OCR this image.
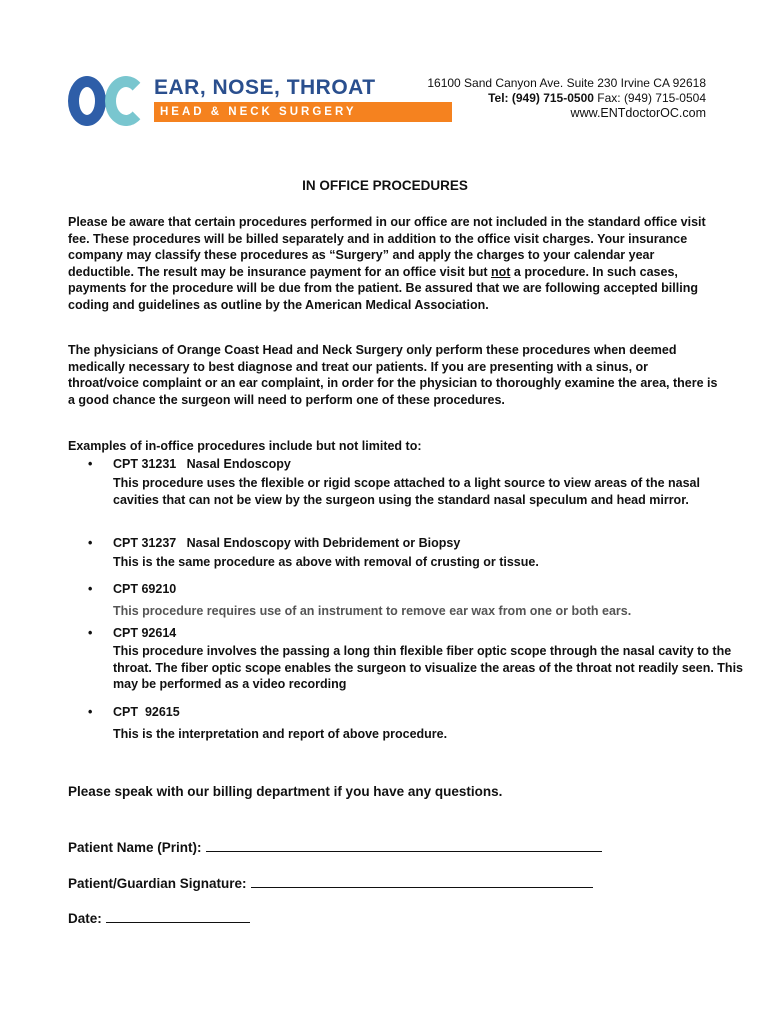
EAR, NOSE, THROAT
HEAD & NECK SURGERY
16100 Sand Canyon Ave. Suite 230 Irvine CA 92618
Tel: (949) 715-0500 Fax: (949) 715-0504
www.ENTdoctorOC.com
IN OFFICE PROCEDURES
Please be aware that certain procedures performed in our office are not included in the standard office visit fee. These procedures will be billed separately and in addition to the office visit charges. Your insurance company may classify these procedures as “Surgery” and apply the charges to your calendar year deductible. The result may be insurance payment for an office visit but not a procedure. In such cases, payments for the procedure will be due from the patient. Be assured that we are following accepted billing coding and guidelines as outline by the American Medical Association.
The physicians of Orange Coast Head and Neck Surgery only perform these procedures when deemed medically necessary to best diagnose and treat our patients. If you are presenting with a sinus, or throat/voice complaint or an ear complaint, in order for the physician to thoroughly examine the area, there is a good chance the surgeon will need to perform one of these procedures.
Examples of in-office procedures include but not limited to:
• CPT 31231   Nasal Endoscopy
This procedure uses the flexible or rigid scope attached to a light source to view areas of the nasal cavities that can not be view by the surgeon using the standard nasal speculum and head mirror.
• CPT 31237   Nasal Endoscopy with Debridement or Biopsy
This is the same procedure as above with removal of crusting or tissue.
• CPT 69210
This procedure requires use of an instrument to remove ear wax from one or both ears.
• CPT 92614
This procedure involves the passing a long thin flexible fiber optic scope through the nasal cavity to the throat. The fiber optic scope enables the surgeon to visualize the areas of the throat not readily seen. This may be performed as a video recording
• CPT  92615
This is the interpretation and report of above procedure.
Please speak with our billing department if you have any questions.
Patient Name (Print):
Patient/Guardian Signature:
Date:
